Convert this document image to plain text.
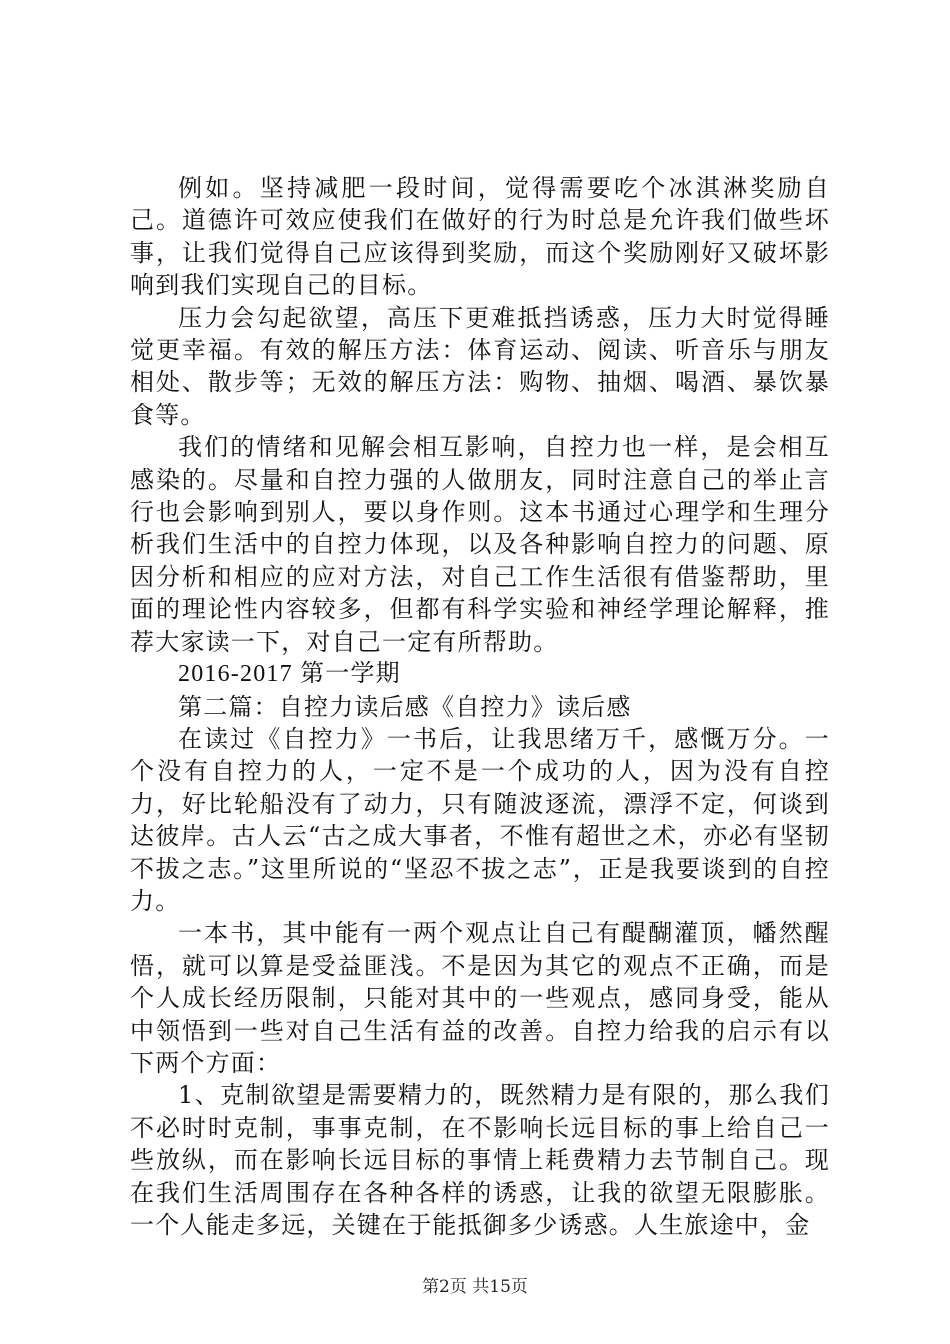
例如。坚持减肥一段时间，觉得需要吃个冰淇淋奖励自己。道德许可效应使我们在做好的行为时总是允许我们做些坏事，让我们觉得自己应该得到奖励，而这个奖励刚好又破坏影响到我们实现自己的目标。

压力会勾起欲望，高压下更难抵挡诱惑，压力大时觉得睡觉更幸福。有效的解压方法：体育运动、阅读、听音乐与朋友相处、散步等；无效的解压方法：购物、抽烟、喝酒、暴饮暴食等。

我们的情绪和见解会相互影响，自控力也一样，是会相互感染的。尽量和自控力强的人做朋友，同时注意自己的举止言行也会影响到别人，要以身作则。这本书通过心理学和生理分析我们生活中的自控力体现，以及各种影响自控力的问题、原因分析和相应的应对方法，对自己工作生活很有借鉴帮助，里面的理论性内容较多，但都有科学实验和神经学理论解释，推荐大家读一下，对自己一定有所帮助。

2016-2017 第一学期

第二篇：自控力读后感《自控力》读后感

在读过《自控力》一书后，让我思绪万千，感慨万分。一个没有自控力的人，一定不是一个成功的人，因为没有自控力，好比轮船没有了动力，只有随波逐流，漂浮不定，何谈到达彼岸。古人云“古之成大事者，不惟有超世之术，亦必有坚韧不拔之志。”这里所说的“坚忍不拔之志”，正是我要谈到的自控力。

一本书，其中能有一两个观点让自己有醍醐灌顶，幡然醒悟，就可以算是受益匪浅。不是因为其它的观点不正确，而是个人成长经历限制，只能对其中的一些观点，感同身受，能从中领悟到一些对自己生活有益的改善。自控力给我的启示有以下两个方面：

1、克制欲望是需要精力的，既然精力是有限的，那么我们不必时时克制，事事克制，在不影响长远目标的事上给自己一些放纵，而在影响长远目标的事情上耗费精力去节制自己。现在我们生活周围存在各种各样的诱惑，让我的欲望无限膨胀。一个人能走多远，关键在于能抵御多少诱惑。人生旅途中，金

第2页 共15页
